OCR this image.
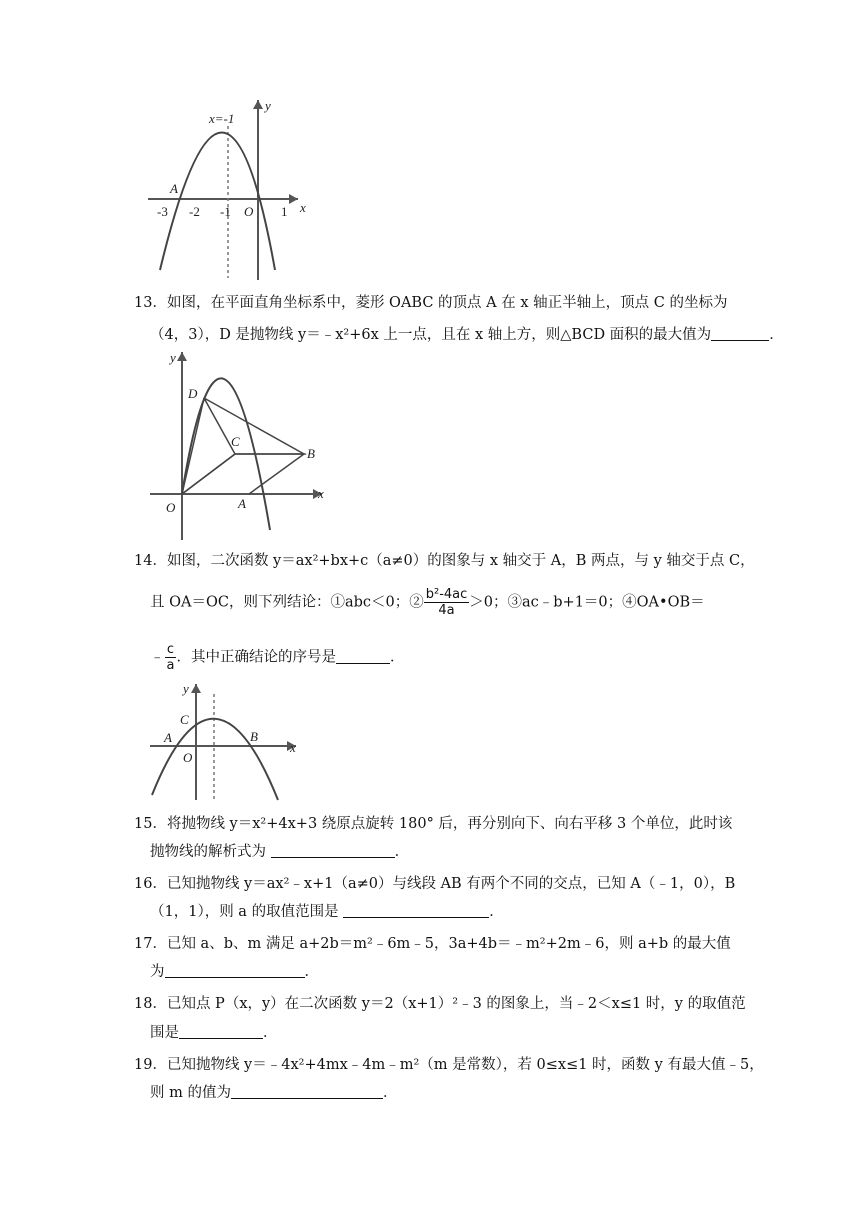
y
x
x=-1
A
-3 -2 -1 O 1
13．如图，在平面直角坐标系中，菱形 OABC 的顶点 A 在 x 轴正半轴上，顶点 C 的坐标为
（4，3），D 是抛物线 y＝﹣x²+6x 上一点，且在 x 轴上方，则△BCD 面积的最大值为	．
y
x
D
C
B
O	A
14．如图，二次函数 y＝ax²+bx+c（a≠0）的图象与 x 轴交于 A，B 两点，与 y 轴交于点 C，
且 OA＝OC，则下列结论：①abc＜0；② $\frac{\text{b²-4ac}}{4a} >0$；③ac﹣b+1＝0；④OA•OB＝
﹣ $\frac{c}{a}$ ．其中正确结论的序号是	．
y
x
C
A	B
O
15．将抛物线 y＝x²+4x+3 绕原点旋转 180° 后，再分别向下、向右平移 3 个单位，此时该
抛物线的解析式为	．
16．已知抛物线 y＝ax²﹣x+1（a≠0）与线段 AB 有两个不同的交点，已知 A（﹣1，0），B
（1，1），则 a 的取值范围是	．
17．已知 a、b、m 满足 a+2b＝m²﹣6m﹣5，3a+4b＝﹣m²+2m﹣6，则 a+b 的最大值
为	．
18．已知点 P（x，y）在二次函数 y＝2（x+1）²﹣3 的图象上，当﹣2＜x≤1 时，y 的取值范
围是	．
19．已知抛物线 y＝﹣4x²+4mx﹣4m﹣m²（m 是常数），若 0≤x≤1 时，函数 y 有最大值﹣5，
则 m 的值为	．
